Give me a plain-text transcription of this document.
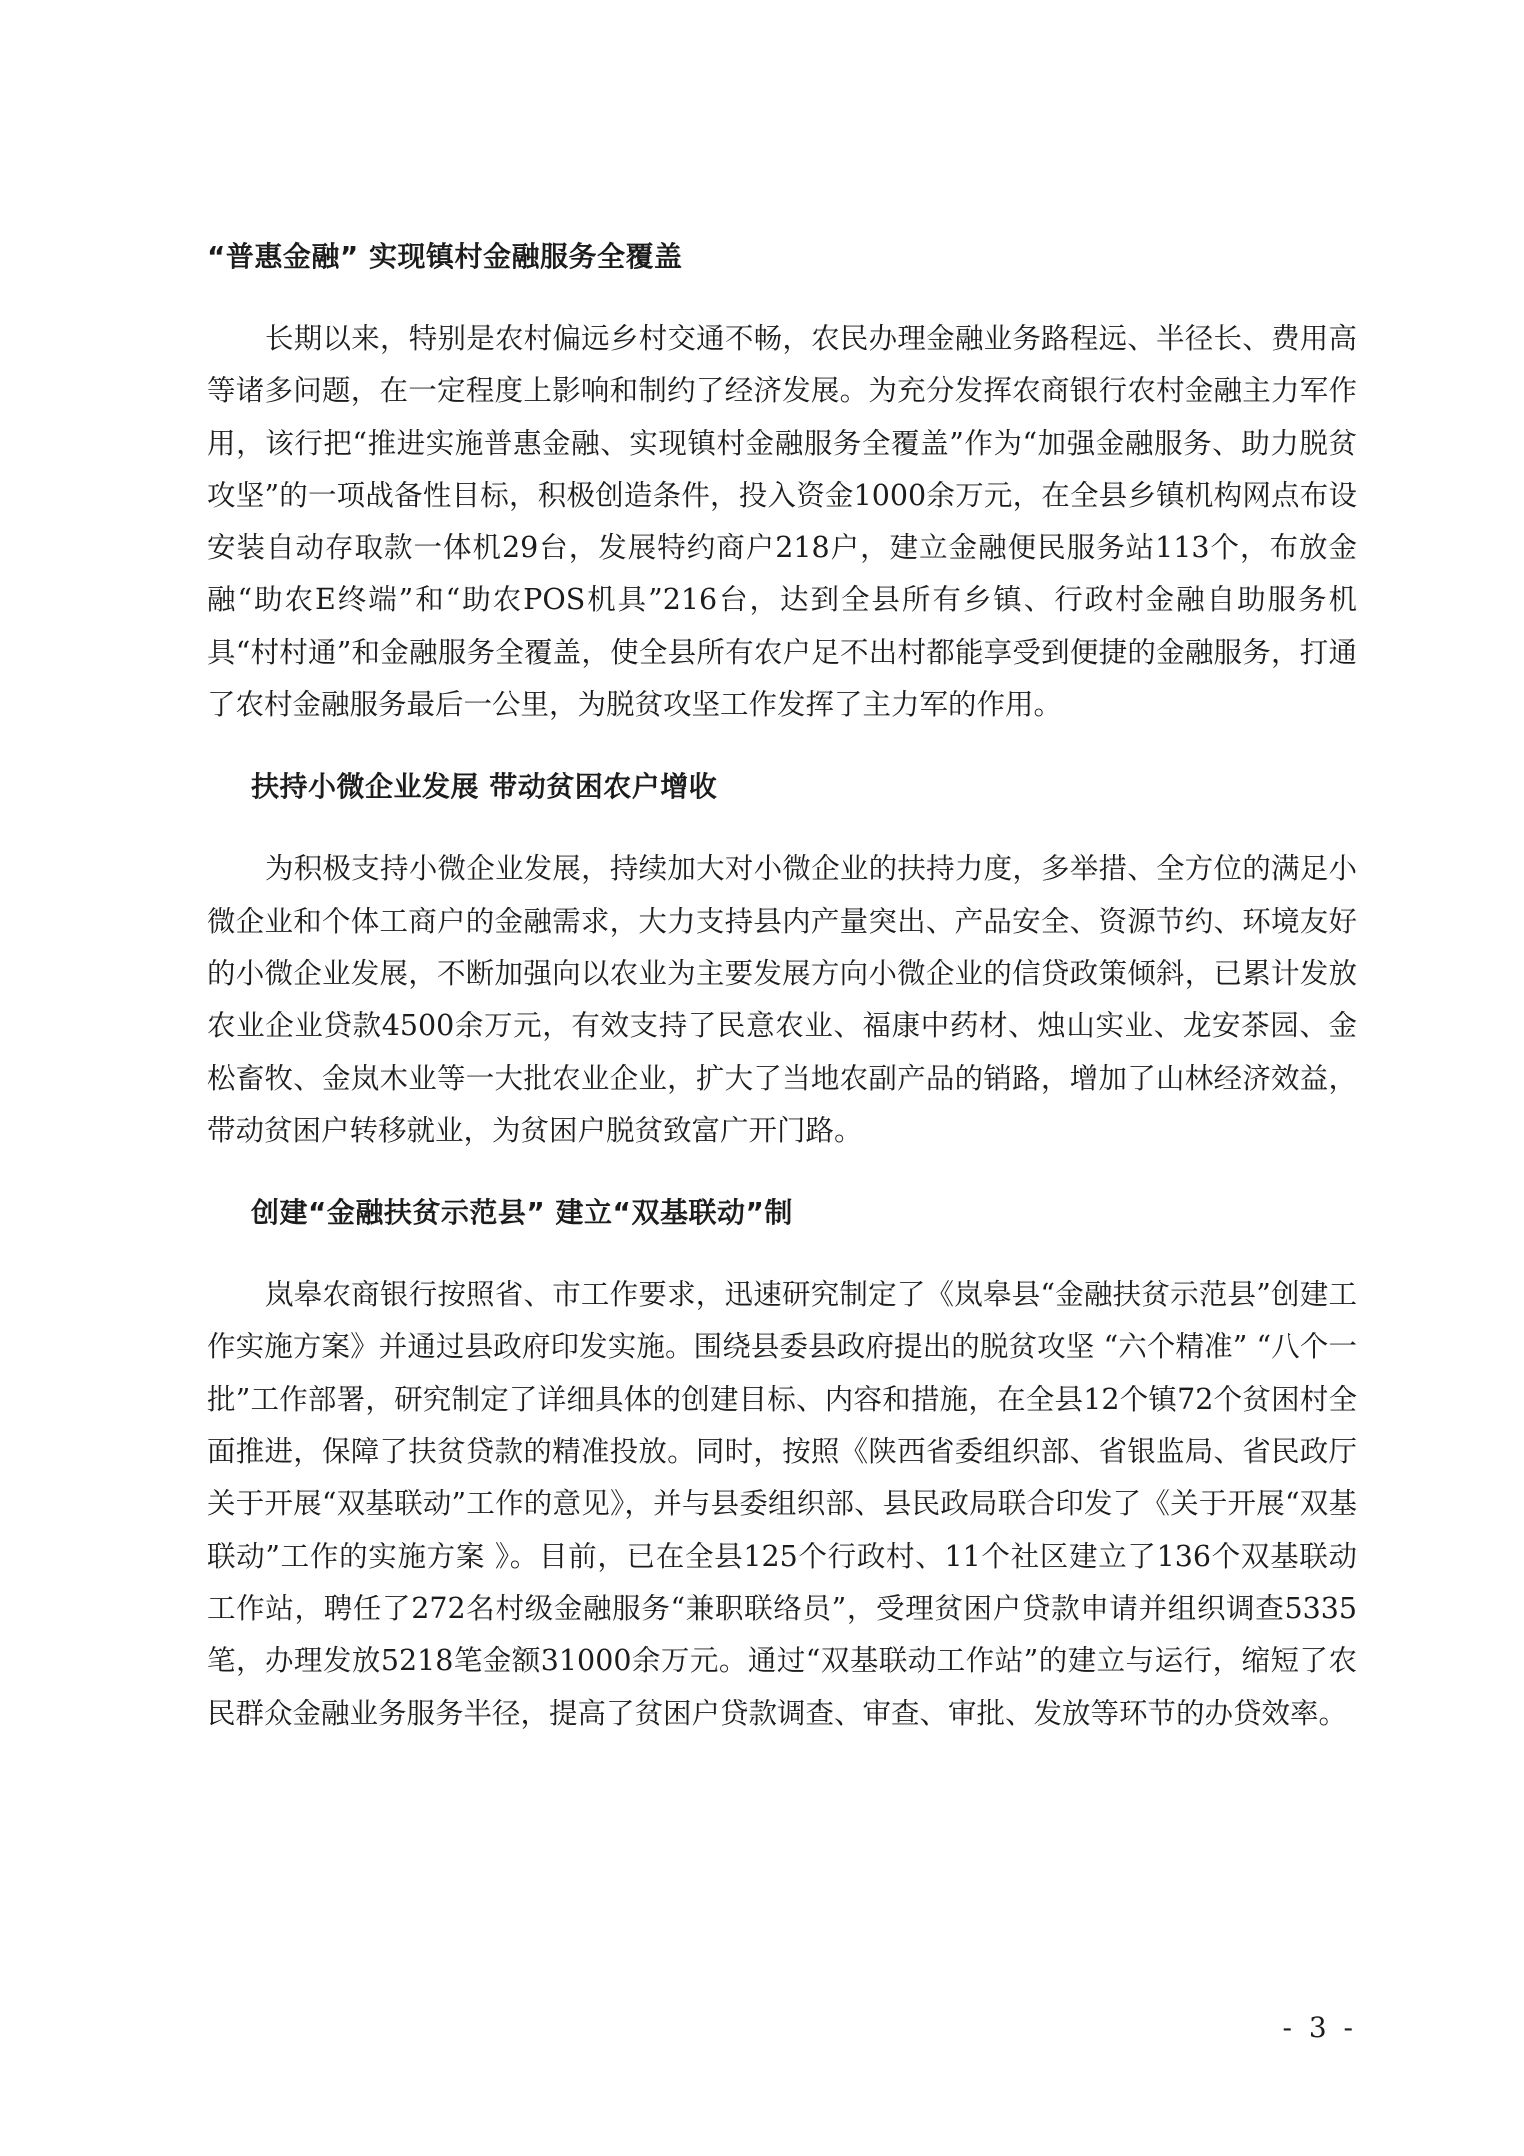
“普惠金融” 实现镇村金融服务全覆盖

长期以来，特别是农村偏远乡村交通不畅，农民办理金融业务路程远、半径长、费用高等诸多问题，在一定程度上影响和制约了经济发展。为充分发挥农商银行农村金融主力军作用，该行把“推进实施普惠金融、实现镇村金融服务全覆盖”作为“加强金融服务、助力脱贫攻坚”的一项战备性目标，积极创造条件，投入资金1000余万元，在全县乡镇机构网点布设安装自动存取款一体机29台，发展特约商户218户，建立金融便民服务站113个，布放金融“助农E终端”和“助农POS机具”216台，达到全县所有乡镇、行政村金融自助服务机具“村村通”和金融服务全覆盖，使全县所有农户足不出村都能享受到便捷的金融服务，打通了农村金融服务最后一公里，为脱贫攻坚工作发挥了主力军的作用。

扶持小微企业发展 带动贫困农户增收

为积极支持小微企业发展，持续加大对小微企业的扶持力度，多举措、全方位的满足小微企业和个体工商户的金融需求，大力支持县内产量突出、产品安全、资源节约、环境友好的小微企业发展，不断加强向以农业为主要发展方向小微企业的信贷政策倾斜，已累计发放农业企业贷款4500余万元，有效支持了民意农业、福康中药材、烛山实业、龙安茶园、金松畜牧、金岚木业等一大批农业企业，扩大了当地农副产品的销路，增加了山林经济效益，带动贫困户转移就业，为贫困户脱贫致富广开门路。

创建“金融扶贫示范县” 建立“双基联动”制

岚皋农商银行按照省、市工作要求，迅速研究制定了《岚皋县“金融扶贫示范县”创建工作实施方案》并通过县政府印发实施。围绕县委县政府提出的脱贫攻坚 “六个精准” “八个一批”工作部署，研究制定了详细具体的创建目标、内容和措施，在全县12个镇72个贫困村全面推进，保障了扶贫贷款的精准投放。同时，按照《陕西省委组织部、省银监局、省民政厅关于开展“双基联动”工作的意见》，并与县委组织部、县民政局联合印发了《关于开展“双基联动”工作的实施方案 》。目前，已在全县125个行政村、11个社区建立了136个双基联动工作站，聘任了272名村级金融服务“兼职联络员”，受理贫困户贷款申请并组织调查5335笔，办理发放5218笔金额31000余万元。通过“双基联动工作站”的建立与运行，缩短了农民群众金融业务服务半径，提高了贫困户贷款调查、审查、审批、发放等环节的办贷效率。

- 3 -
